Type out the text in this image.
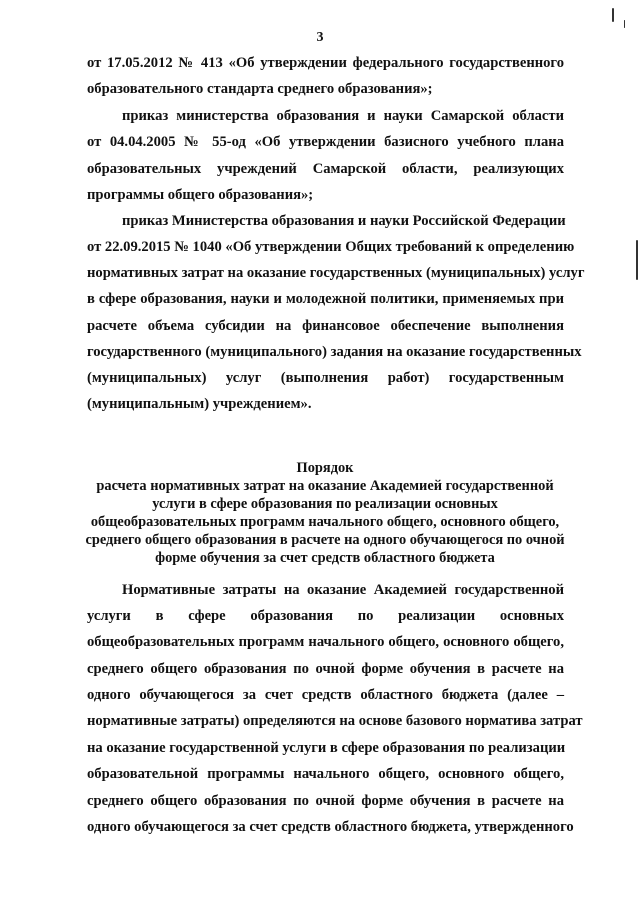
3
от 17.05.2012 № 413 «Об утверждении федерального государственного
образовательного стандарта среднего образования»;
приказ министерства образования и науки Самарской области
от 04.04.2005 № 55-од «Об утверждении базисного учебного плана
образовательных учреждений Самарской области, реализующих
программы общего образования»;
приказ Министерства образования и науки Российской Федерации
от 22.09.2015 № 1040 «Об утверждении Общих требований к определению
нормативных затрат на оказание государственных (муниципальных) услуг
в сфере образования, науки и молодежной политики, применяемых при
расчете объема субсидии на финансовое обеспечение выполнения
государственного (муниципального) задания на оказание государственных
(муниципальных) услуг (выполнения работ) государственным
(муниципальным) учреждением».
Порядок
расчета нормативных затрат на оказание Академией государственной
услуги в сфере образования по реализации основных
общеобразовательных программ начального общего, основного общего,
среднего общего образования в расчете на одного обучающегося по очной
форме обучения за счет средств областного бюджета
Нормативные затраты на оказание Академией государственной
услуги в сфере образования по реализации основных
общеобразовательных программ начального общего, основного общего,
среднего общего образования по очной форме обучения в расчете на
одного обучающегося за счет средств областного бюджета (далее –
нормативные затраты) определяются на основе базового норматива затрат
на оказание государственной услуги в сфере образования по реализации
образовательной программы начального общего, основного общего,
среднего общего образования по очной форме обучения в расчете на
одного обучающегося за счет средств областного бюджета, утвержденного
